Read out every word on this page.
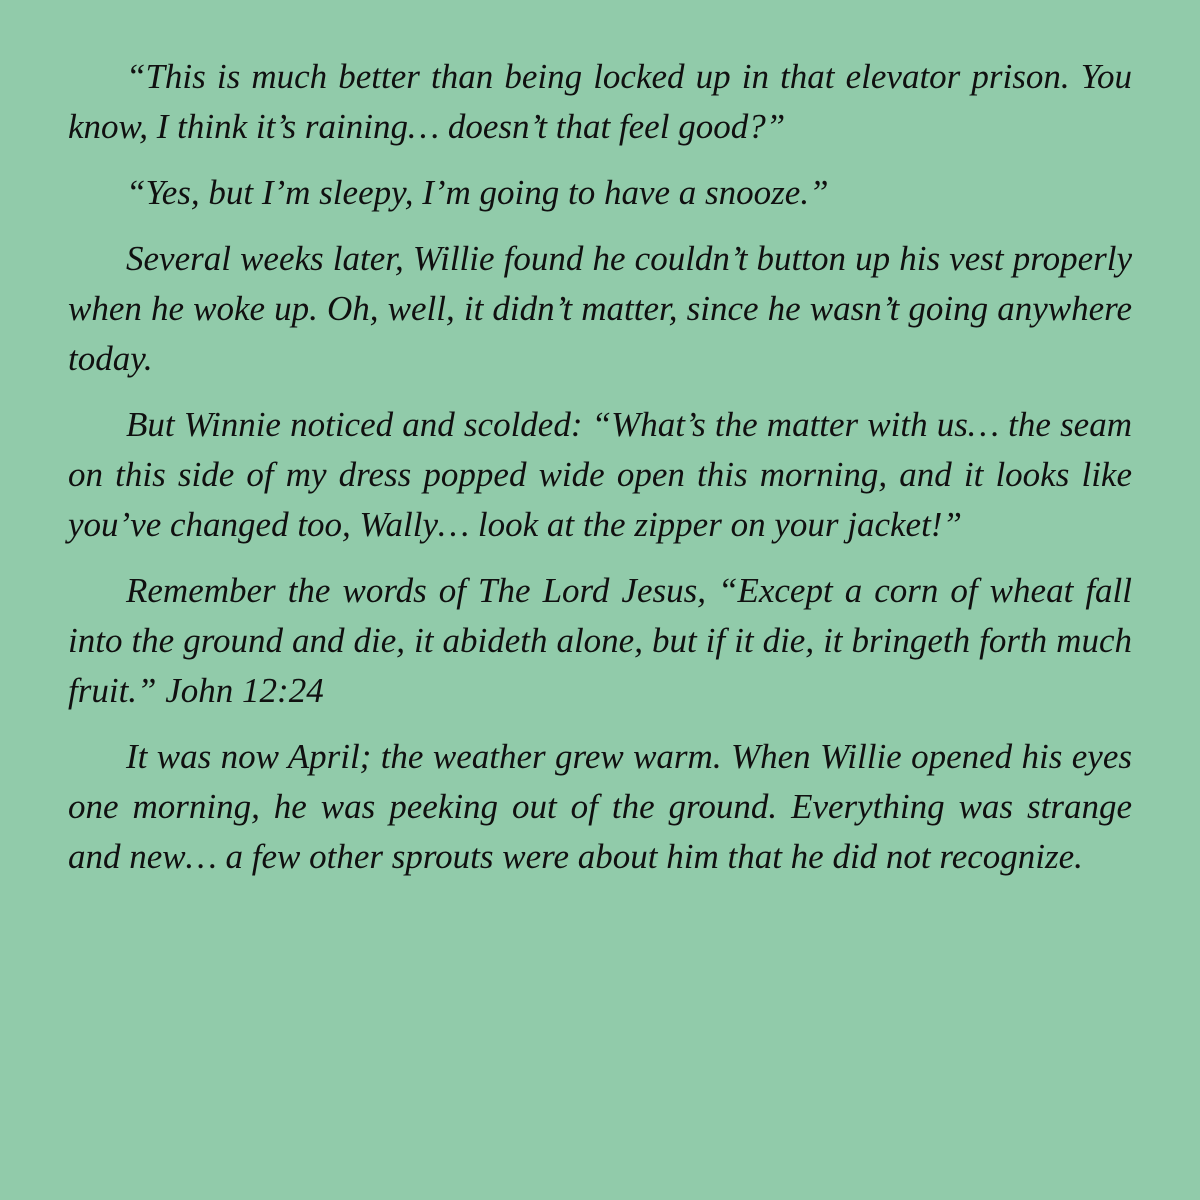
“This is much better than being locked up in that elevator prison. You know, I think it’s raining… doesn’t that feel good?”

“Yes, but I’m sleepy, I’m going to have a snooze.”

Several weeks later, Willie found he couldn’t button up his vest properly when he woke up. Oh, well, it didn’t matter, since he wasn’t going anywhere today.

But Winnie noticed and scolded: “What’s the matter with us… the seam on this side of my dress popped wide open this morning, and it looks like you’ve changed too, Wally… look at the zipper on your jacket!”

Remember the words of The Lord Jesus, “Except a corn of wheat fall into the ground and die, it abideth alone, but if it die, it bringeth forth much fruit.” John 12:24

It was now April; the weather grew warm. When Willie opened his eyes one morning, he was peeking out of the ground. Everything was strange and new… a few other sprouts were about him that he did not recognize.
